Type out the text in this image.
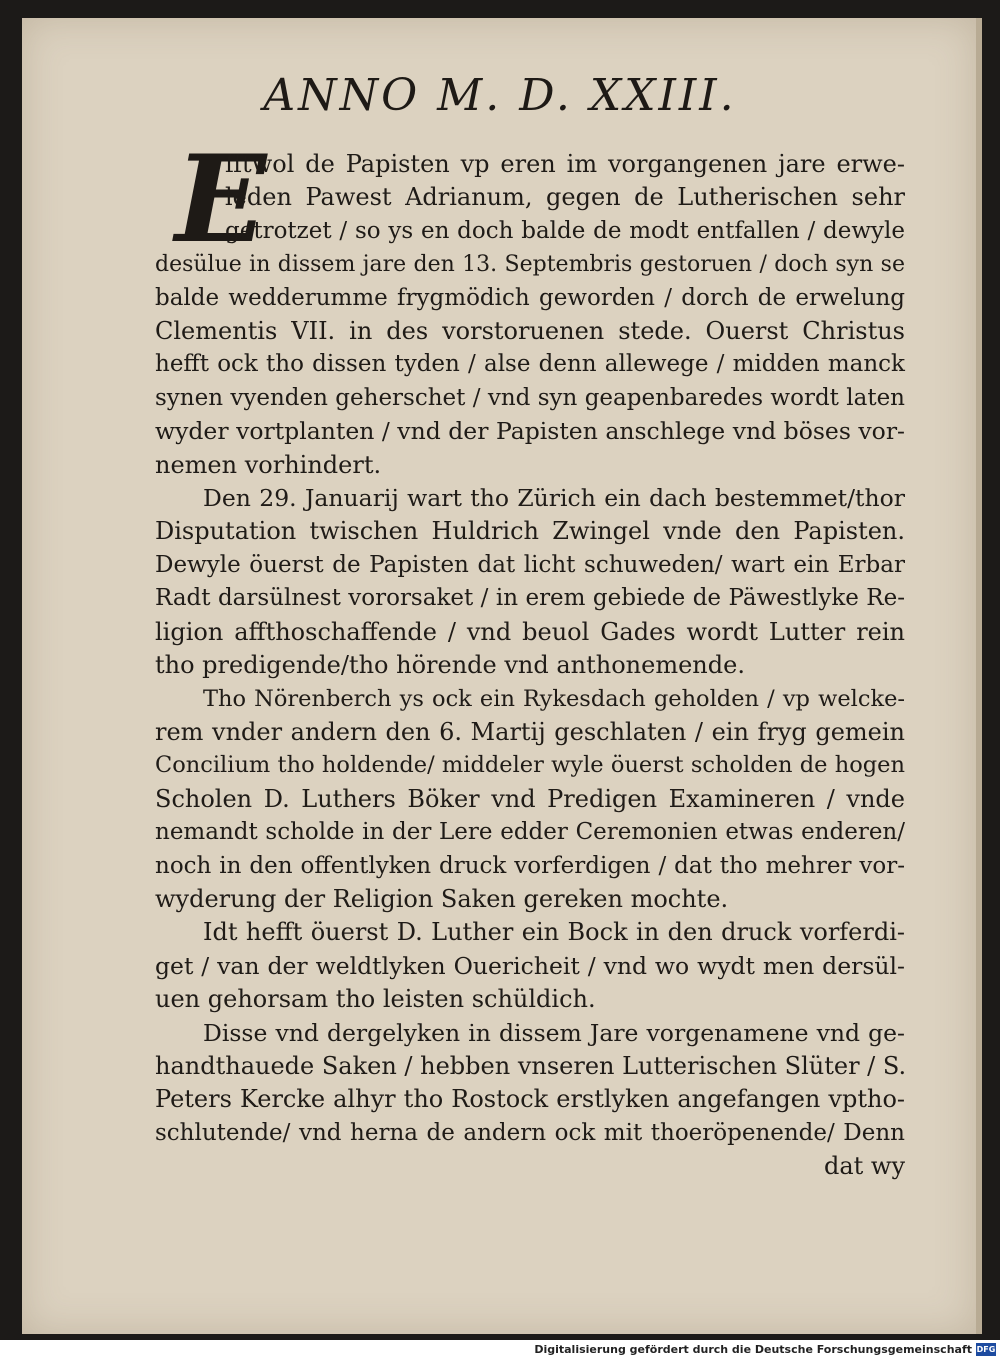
ANNO M. D. XXIII.
E
fftwol de Papisten vp eren im vorgangenen jare erwe-
leden Pawest Adrianum, gegen de Lutherischen sehr
getrotzet / so ys en doch balde de modt entfallen / dewyle
desülue in dissem jare den 13. Septembris gestoruen / doch syn se
balde wedderumme frygmödich geworden / dorch de erwelung
Clementis VII. in des vorstoruenen stede. Ouerst Christus
hefft ock tho dissen tyden / alse denn allewege / midden manck
synen vyenden geherschet / vnd syn geapenbaredes wordt laten
wyder vortplanten / vnd der Papisten anschlege vnd böses vor-
nemen vorhindert.
Den 29. Januarij wart tho Zürich ein dach bestemmet/thor
Disputation twischen Huldrich Zwingel vnde den Papisten.
Dewyle öuerst de Papisten dat licht schuweden/ wart ein Erbar
Radt darsülnest vororsaket / in erem gebiede de Päwestlyke Re-
ligion affthoschaffende / vnd beuol Gades wordt Lutter rein
tho predigende/tho hörende vnd anthonemende.
Tho Nörenberch ys ock ein Rykesdach geholden / vp welcke-
rem vnder andern den 6. Martij geschlaten / ein fryg gemein
Concilium tho holdende/ middeler wyle öuerst scholden de hogen
Scholen D. Luthers Böker vnd Predigen Examineren / vnde
nemandt scholde in der Lere edder Ceremonien etwas enderen/
noch in den offentlyken druck vorferdigen / dat tho mehrer vor-
wyderung der Religion Saken gereken mochte.
Idt hefft öuerst D. Luther ein Bock in den druck vorferdi-
get / van der weldtlyken Ouericheit / vnd wo wydt men dersül-
uen gehorsam tho leisten schüldich.
Disse vnd dergelyken in dissem Jare vorgenamene vnd ge-
handthauede Saken / hebben vnseren Lutterischen Slüter / S.
Peters Kercke alhyr tho Rostock erstlyken angefangen vptho-
schlutende/ vnd herna de andern ock mit thoeröpenende/ Denn
dat wy
Digitalisierung gefördert durch die Deutsche Forschungsgemeinschaft DFG
